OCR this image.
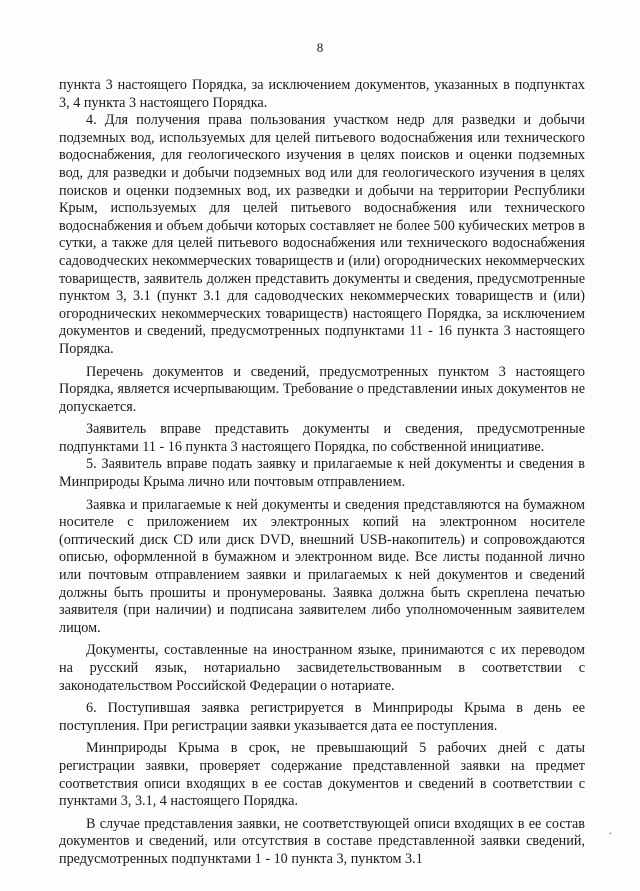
8

пункта 3 настоящего Порядка, за исключением документов, указанных в подпунктах 3, 4 пункта 3 настоящего Порядка.

4. Для получения права пользования участком недр для разведки и добычи подземных вод, используемых для целей питьевого водоснабжения или технического водоснабжения, для геологического изучения в целях поисков и оценки подземных вод, для разведки и добычи подземных вод или для геологического изучения в целях поисков и оценки подземных вод, их разведки и добычи на территории Республики Крым, используемых для целей питьевого водоснабжения или технического водоснабжения и объем добычи которых составляет не более 500 кубических метров в сутки, а также для целей питьевого водоснабжения или технического водоснабжения садоводческих некоммерческих товариществ и (или) огороднических некоммерческих товариществ, заявитель должен представить документы и сведения, предусмотренные пунктом 3, 3.1 (пункт 3.1 для садоводческих некоммерческих товариществ и (или) огороднических некоммерческих товариществ) настоящего Порядка, за исключением документов и сведений, предусмотренных подпунктами 11 - 16 пункта 3 настоящего Порядка.

Перечень документов и сведений, предусмотренных пунктом 3 настоящего Порядка, является исчерпывающим. Требование о представлении иных документов не допускается.

Заявитель вправе представить документы и сведения, предусмотренные подпунктами 11 - 16 пункта 3 настоящего Порядка, по собственной инициативе.

5. Заявитель вправе подать заявку и прилагаемые к ней документы и сведения в Минприроды Крыма лично или почтовым отправлением.

Заявка и прилагаемые к ней документы и сведения представляются на бумажном носителе с приложением их электронных копий на электронном носителе (оптический диск CD или диск DVD, внешний USB-накопитель) и сопровождаются описью, оформленной в бумажном и электронном виде. Все листы поданной лично или почтовым отправлением заявки и прилагаемых к ней документов и сведений должны быть прошиты и пронумерованы. Заявка должна быть скреплена печатью заявителя (при наличии) и подписана заявителем либо уполномоченным заявителем лицом.

Документы, составленные на иностранном языке, принимаются с их переводом на русский язык, нотариально засвидетельствованным в соответствии с законодательством Российской Федерации о нотариате.

6. Поступившая заявка регистрируется в Минприроды Крыма в день ее поступления. При регистрации заявки указывается дата ее поступления.

Минприроды Крыма в срок, не превышающий 5 рабочих дней с даты регистрации заявки, проверяет содержание представленной заявки на предмет соответствия описи входящих в ее состав документов и сведений в соответствии с пунктами 3, 3.1, 4 настоящего Порядка.

В случае представления заявки, не соответствующей описи входящих в ее состав документов и сведений, или отсутствия в составе представленной заявки сведений, предусмотренных подпунктами 1 - 10 пункта 3, пунктом 3.1

.
